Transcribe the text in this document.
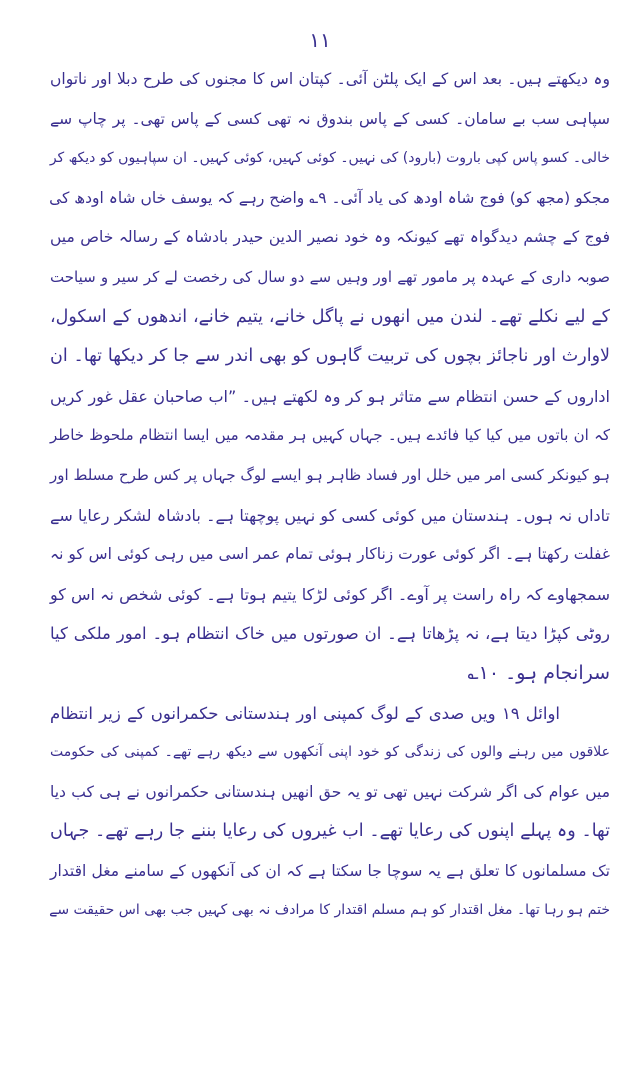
۱۱
وہ دیکھتے ہیں۔ بعد اس کے ایک پلٹن آئی۔ کپتان اس کا مجنوں کی طرح دبلا اور ناتواں
سپاہی سب بے سامان۔ کسی کے پاس بندوق نہ تھی کسی کے پاس تھی۔ پر چاپ سے
خالی۔ کسو پاس کپی باروت (بارود) کی نہیں۔ کوئی کہیں، کوئی کہیں۔ ان سپاہیوں کو دیکھ کر
مجکو (مجھ کو) فوج شاہ اودھ کی یاد آئی۔ ۹؎ واضح رہے کہ یوسف خاں شاہ اودھ کی
فوج کے چشم دیدگواہ تھے کیونکہ وہ خود نصیر الدین حیدر بادشاہ کے رسالہ خاص میں
صوبہ داری کے عہدہ پر مامور تھے اور وہیں سے دو سال کی رخصت لے کر سیر و سیاحت
کے لیے نکلے تھے۔ لندن میں انھوں نے پاگل خانے، یتیم خانے، اندھوں کے اسکول،
لاوارث اور ناجائز بچوں کی تربیت گاہوں کو بھی اندر سے جا کر دیکھا تھا۔ ان
اداروں کے حسن انتظام سے متاثر ہو کر وہ لکھتے ہیں۔ ”اب صاحبان عقل غور کریں
کہ ان باتوں میں کیا کیا فائدے ہیں۔ جہاں کہیں ہر مقدمہ میں ایسا انتظام ملحوظ خاطر
ہو کیونکر کسی امر میں خلل اور فساد ظاہر ہو ایسے لوگ جہاں پر کس طرح مسلط اور
تاداں نہ ہوں۔ ہندستان میں کوئی کسی کو نہیں پوچھتا ہے۔ بادشاہ لشکر رعایا سے
غفلت رکھتا ہے۔ اگر کوئی عورت زناکار ہوئی تمام عمر اسی میں رہی کوئی اس کو نہ
سمجھاوے کہ راہ راست پر آوے۔ اگر کوئی لڑکا یتیم ہوتا ہے۔ کوئی شخص نہ اس کو
روٹی کپڑا دیتا ہے، نہ پڑھاتا ہے۔ ان صورتوں میں خاک انتظام ہو۔ امور ملکی کیا
سرانجام ہو۔ ۱۰؎
اوائل ۱۹ ویں صدی کے لوگ کمپنی اور ہندستانی حکمرانوں کے زیر انتظام
علاقوں میں رہنے والوں کی زندگی کو خود اپنی آنکھوں سے دیکھ رہے تھے۔ کمپنی کی حکومت
میں عوام کی اگر شرکت نہیں تھی تو یہ حق انھیں ہندستانی حکمرانوں نے ہی کب دیا
تھا۔ وہ پہلے اپنوں کی رعایا تھے۔ اب غیروں کی رعایا بننے جا رہے تھے۔ جہاں
تک مسلمانوں کا تعلق ہے یہ سوچا جا سکتا ہے کہ ان کی آنکھوں کے سامنے مغل اقتدار
ختم ہو رہا تھا۔ مغل اقتدار کو ہم مسلم اقتدار کا مرادف نہ بھی کہیں جب بھی اس حقیقت سے
